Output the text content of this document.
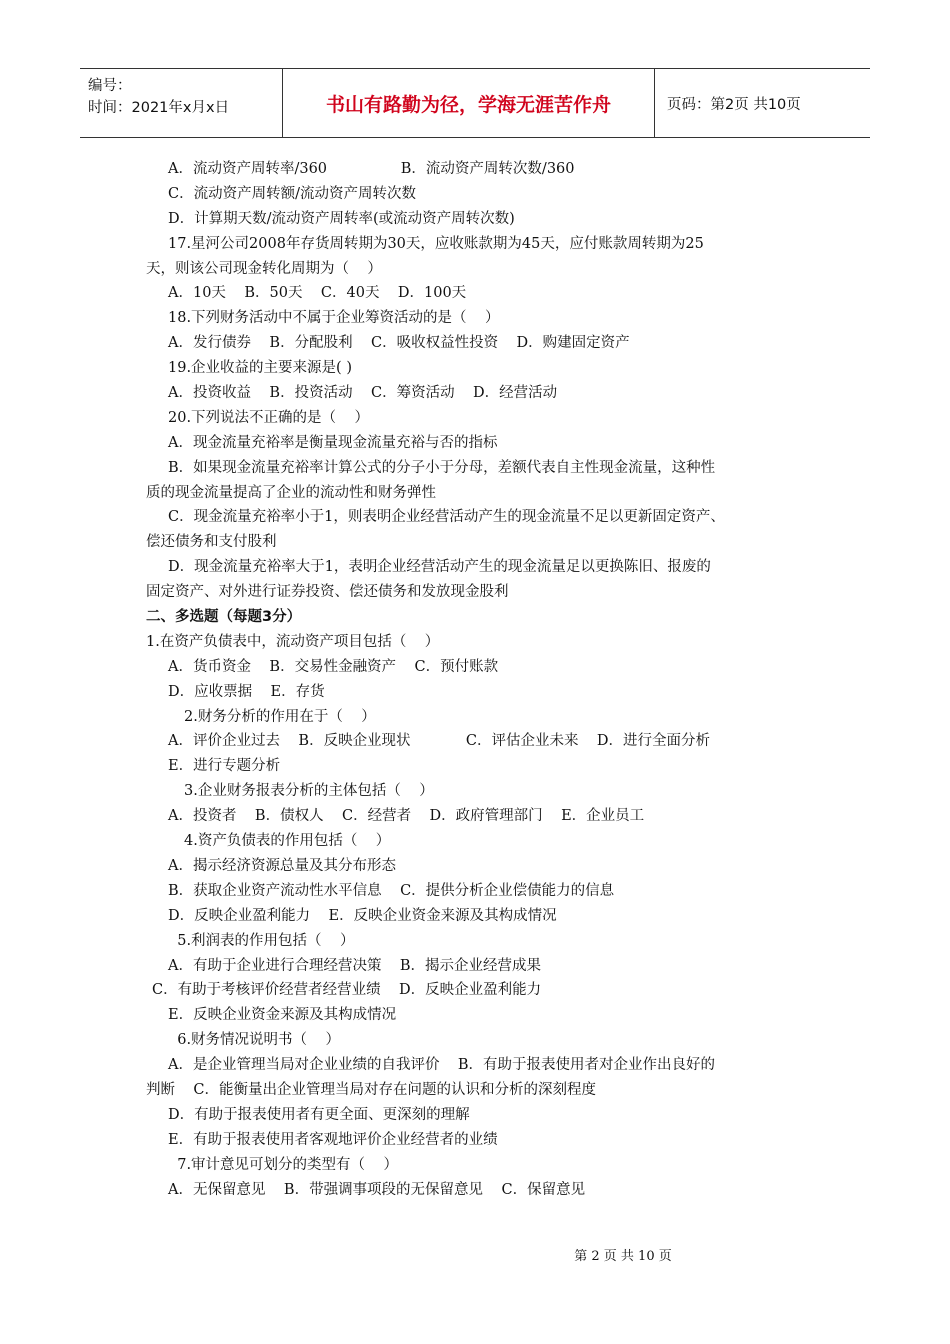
编号：
时间：2021年x月x日	书山有路勤为径，学海无涯苦作舟	页码：第2页 共10页
A．流动资产周转率/360                B．流动资产周转次数/360
C．流动资产周转额/流动资产周转次数
D．计算期天数/流动资产周转率(或流动资产周转次数)
17.星河公司2008年存货周转期为30天，应收账款期为45天，应付账款周转期为25
天，则该公司现金转化周期为（    ）
A．10天    B．50天    C．40天    D．100天
18.下列财务活动中不属于企业筹资活动的是（    ）
A．发行债券    B．分配股利    C．吸收权益性投资    D．购建固定资产
19.企业收益的主要来源是( )
A．投资收益    B．投资活动    C．筹资活动    D．经营活动
20.下列说法不正确的是（    ）
A．现金流量充裕率是衡量现金流量充裕与否的指标
B．如果现金流量充裕率计算公式的分子小于分母，差额代表自主性现金流量，这种性
质的现金流量提高了企业的流动性和财务弹性
C．现金流量充裕率小于1，则表明企业经营活动产生的现金流量不足以更新固定资产、
偿还债务和支付股利
D．现金流量充裕率大于1，表明企业经营活动产生的现金流量足以更换陈旧、报废的
固定资产、对外进行证券投资、偿还债务和发放现金股利
二、多选题（每题3分）
1.在资产负债表中，流动资产项目包括（    ）
A．货币资金    B．交易性金融资产    C．预付账款
D．应收票据    E．存货
2.财务分析的作用在于（    ）
A．评价企业过去    B．反映企业现状            C．评估企业未来    D．进行全面分析
E．进行专题分析
3.企业财务报表分析的主体包括（    ）
A．投资者    B．债权人    C．经营者    D．政府管理部门    E．企业员工
4.资产负债表的作用包括（    ）
A．揭示经济资源总量及其分布形态
B．获取企业资产流动性水平信息    C．提供分析企业偿债能力的信息
D．反映企业盈利能力    E．反映企业资金来源及其构成情况
5.利润表的作用包括（    ）
A．有助于企业进行合理经营决策    B．揭示企业经营成果
C．有助于考核评价经营者经营业绩    D．反映企业盈利能力
E．反映企业资金来源及其构成情况
6.财务情况说明书（    ）
A．是企业管理当局对企业业绩的自我评价    B．有助于报表使用者对企业作出良好的
判断    C．能衡量出企业管理当局对存在问题的认识和分析的深刻程度
D．有助于报表使用者有更全面、更深刻的理解
E．有助于报表使用者客观地评价企业经营者的业绩
7.审计意见可划分的类型有（    ）
A．无保留意见    B．带强调事项段的无保留意见    C．保留意见
第 2 页 共 10 页
